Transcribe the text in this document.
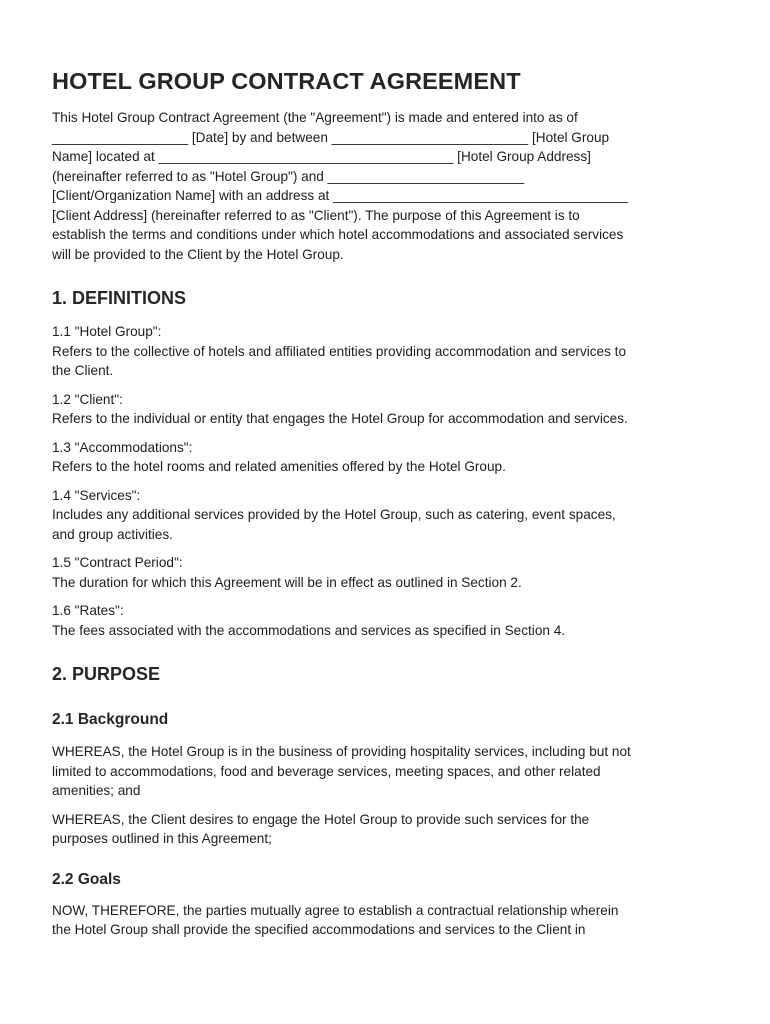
HOTEL GROUP CONTRACT AGREEMENT

This Hotel Group Contract Agreement (the "Agreement") is made and entered into as of
__________________ [Date] by and between __________________________ [Hotel Group
Name] located at _______________________________________ [Hotel Group Address]
(hereinafter referred to as "Hotel Group") and __________________________
[Client/Organization Name] with an address at _______________________________________
[Client Address] (hereinafter referred to as "Client"). The purpose of this Agreement is to
establish the terms and conditions under which hotel accommodations and associated services
will be provided to the Client by the Hotel Group.

1. DEFINITIONS
1.1 "Hotel Group":
Refers to the collective of hotels and affiliated entities providing accommodation and services to
the Client.
1.2 "Client":
Refers to the individual or entity that engages the Hotel Group for accommodation and services.
1.3 "Accommodations":
Refers to the hotel rooms and related amenities offered by the Hotel Group.
1.4 "Services":
Includes any additional services provided by the Hotel Group, such as catering, event spaces,
and group activities.
1.5 "Contract Period":
The duration for which this Agreement will be in effect as outlined in Section 2.
1.6 "Rates":
The fees associated with the accommodations and services as specified in Section 4.
2. PURPOSE
2.1 Background

WHEREAS, the Hotel Group is in the business of providing hospitality services, including but not
limited to accommodations, food and beverage services, meeting spaces, and other related
amenities; and

WHEREAS, the Client desires to engage the Hotel Group to provide such services for the
purposes outlined in this Agreement;

2.2 Goals

NOW, THEREFORE, the parties mutually agree to establish a contractual relationship wherein
the Hotel Group shall provide the specified accommodations and services to the Client in
